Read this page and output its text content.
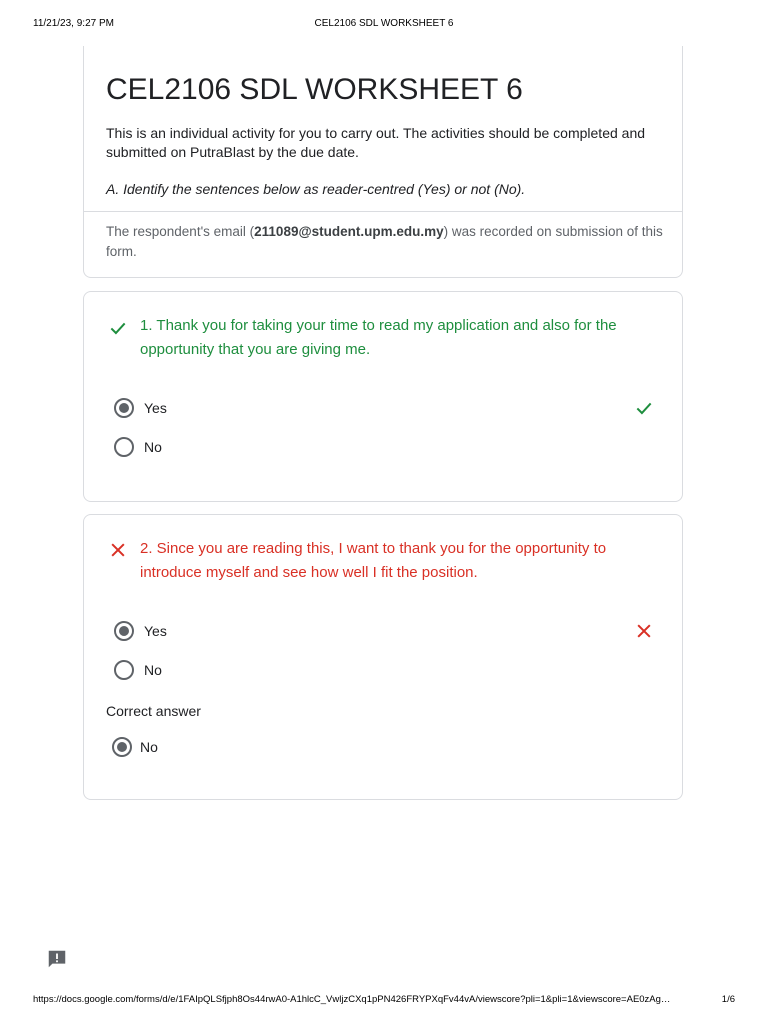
11/21/23, 9:27 PM	CEL2106 SDL WORKSHEET 6
CEL2106 SDL WORKSHEET 6
This is an individual activity for you to carry out. The activities should be completed and submitted on PutraBlast by the due date.
A. Identify the sentences below as reader-centred (Yes) or not (No).
The respondent's email (211089@student.upm.edu.my) was recorded on submission of this form.
1. Thank you for taking your time to read my application and also for the opportunity that you are giving me.
Yes
No
2. Since you are reading this, I want to thank you for the opportunity to introduce myself and see how well I fit the position.
Yes
No
Correct answer
No
https://docs.google.com/forms/d/e/1FAIpQLSfjph8Os44rwA0-A1hlcC_VwljzCXq1pPN426FRYPXqFv44vA/viewscore?pli=1&pli=1&viewscore=AE0zAg…	1/6
